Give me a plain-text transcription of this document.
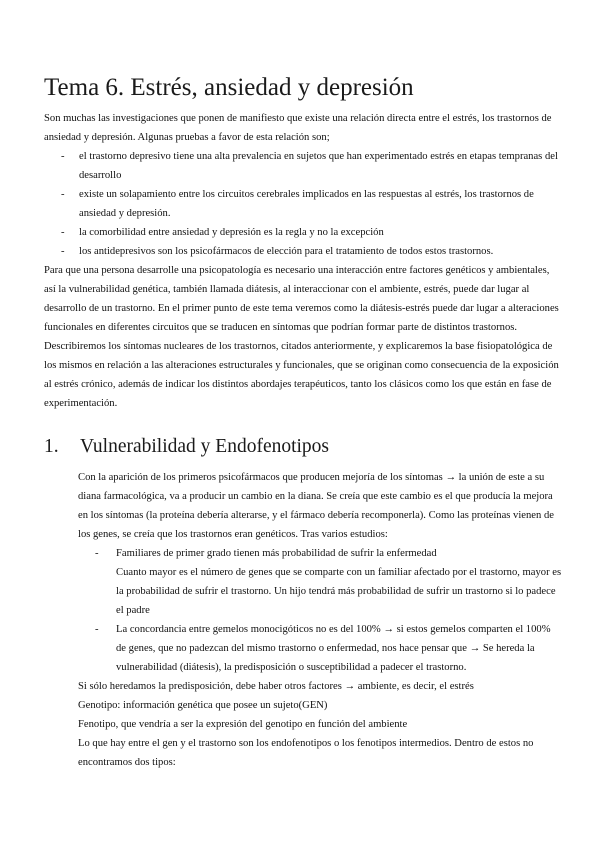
Tema 6. Estrés, ansiedad y depresión

Son muchas las investigaciones que ponen de manifiesto que existe una relación directa entre el estrés, los trastornos de ansiedad y depresión. Algunas pruebas a favor de esta relación son;

- el trastorno depresivo tiene una alta prevalencia en sujetos que han experimentado estrés en etapas tempranas del desarrollo
- existe un solapamiento entre los circuitos cerebrales implicados en las respuestas al estrés, los trastornos de ansiedad y depresión.
- la comorbilidad entre ansiedad y depresión es la regla y no la excepción
- los antidepresivos son los psicofármacos de elección para el tratamiento de todos estos trastornos.

Para que una persona desarrolle una psicopatología es necesario una interacción entre factores genéticos y ambientales, así la vulnerabilidad genética, también llamada diátesis, al interaccionar con el ambiente, estrés, puede dar lugar al desarrollo de un trastorno. En el primer punto de este tema veremos como la diátesis-estrés puede dar lugar a alteraciones funcionales en diferentes circuitos que se traducen en síntomas que podrían formar parte de distintos trastornos. Describiremos los síntomas nucleares de los trastornos, citados anteriormente, y explicaremos la base fisiopatológica de los mismos en relación a las alteraciones estructurales y funcionales, que se originan como consecuencia de la exposición al estrés crónico, además de indicar los distintos abordajes terapéuticos, tanto los clásicos como los que están en fase de experimentación.

1. Vulnerabilidad y Endofenotipos

Con la aparición de los primeros psicofármacos que producen mejoría de los síntomas → la unión de este a su diana farmacológica, va a producir un cambio en la diana. Se creía que este cambio es el que producía la mejora en los síntomas (la proteína debería alterarse, y el fármaco debería recomponerla). Como las proteínas vienen de los genes, se creía que los trastornos eran genéticos. Tras varios estudios:

- Familiares de primer grado tienen más probabilidad de sufrir la enfermedad
Cuanto mayor es el número de genes que se comparte con un familiar afectado por el trastorno, mayor es la probabilidad de sufrir el trastorno. Un hijo tendrá más probabilidad de sufrir un trastorno si lo padece el padre
- La concordancia entre gemelos monocigóticos no es del 100% → si estos gemelos comparten el 100% de genes, que no padezcan del mismo trastorno o enfermedad, nos hace pensar que → Se hereda la vulnerabilidad (diátesis), la predisposición o susceptibilidad a padecer el trastorno.

Si sólo heredamos la predisposición, debe haber otros factores → ambiente, es decir, el estrés

Genotipo: información genética que posee un sujeto(GEN)

Fenotipo, que vendría a ser la expresión del genotipo en función del ambiente

Lo que hay entre el gen y el trastorno son los endofenotipos o los fenotipos intermedios. Dentro de estos no encontramos dos tipos:
